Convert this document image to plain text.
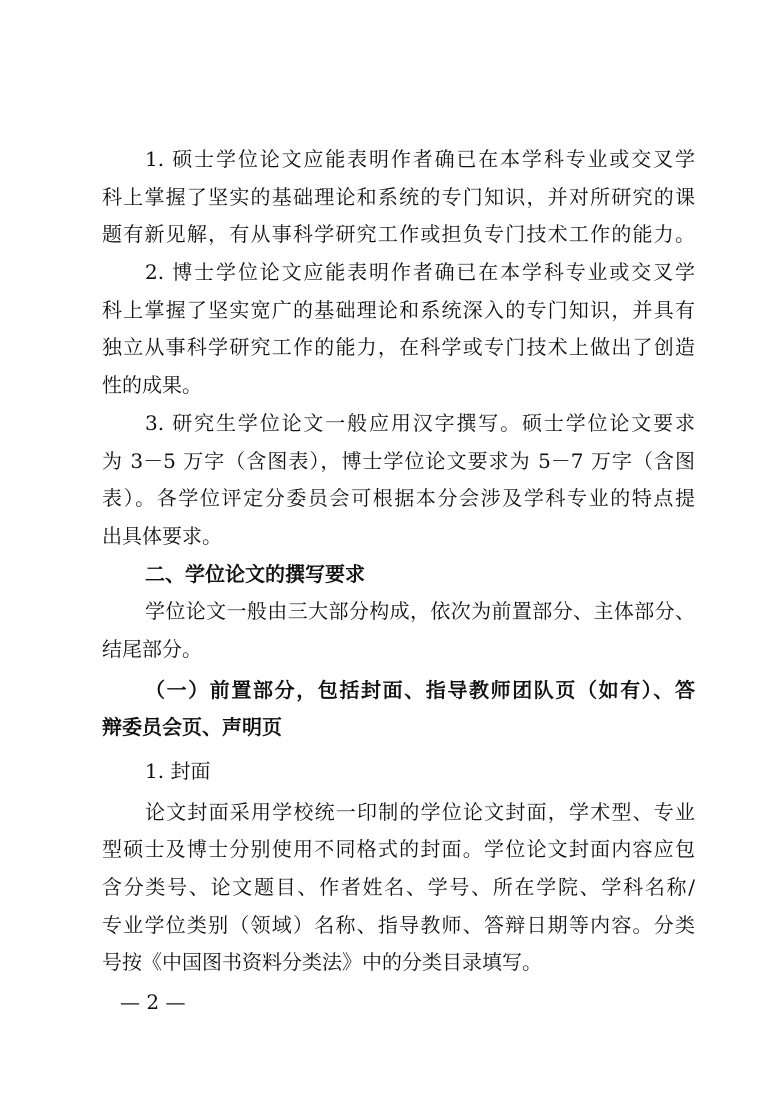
1. 硕士学位论文应能表明作者确已在本学科专业或交叉学
科上掌握了坚实的基础理论和系统的专门知识，并对所研究的课
题有新见解，有从事科学研究工作或担负专门技术工作的能力。
2. 博士学位论文应能表明作者确已在本学科专业或交叉学
科上掌握了坚实宽广的基础理论和系统深入的专门知识，并具有
独立从事科学研究工作的能力，在科学或专门技术上做出了创造
性的成果。
3. 研究生学位论文一般应用汉字撰写。硕士学位论文要求
为 3－5 万字（含图表），博士学位论文要求为 5－7 万字（含图
表）。各学位评定分委员会可根据本分会涉及学科专业的特点提
出具体要求。
二、学位论文的撰写要求
学位论文一般由三大部分构成，依次为前置部分、主体部分、
结尾部分。
（一）前置部分，包括封面、指导教师团队页（如有）、答
辩委员会页、声明页
1. 封面
论文封面采用学校统一印制的学位论文封面，学术型、专业
型硕士及博士分别使用不同格式的封面。学位论文封面内容应包
含分类号、论文题目、作者姓名、学号、所在学院、学科名称/
专业学位类别（领域）名称、指导教师、答辩日期等内容。分类
号按《中国图书资料分类法》中的分类目录填写。
— 2 —
